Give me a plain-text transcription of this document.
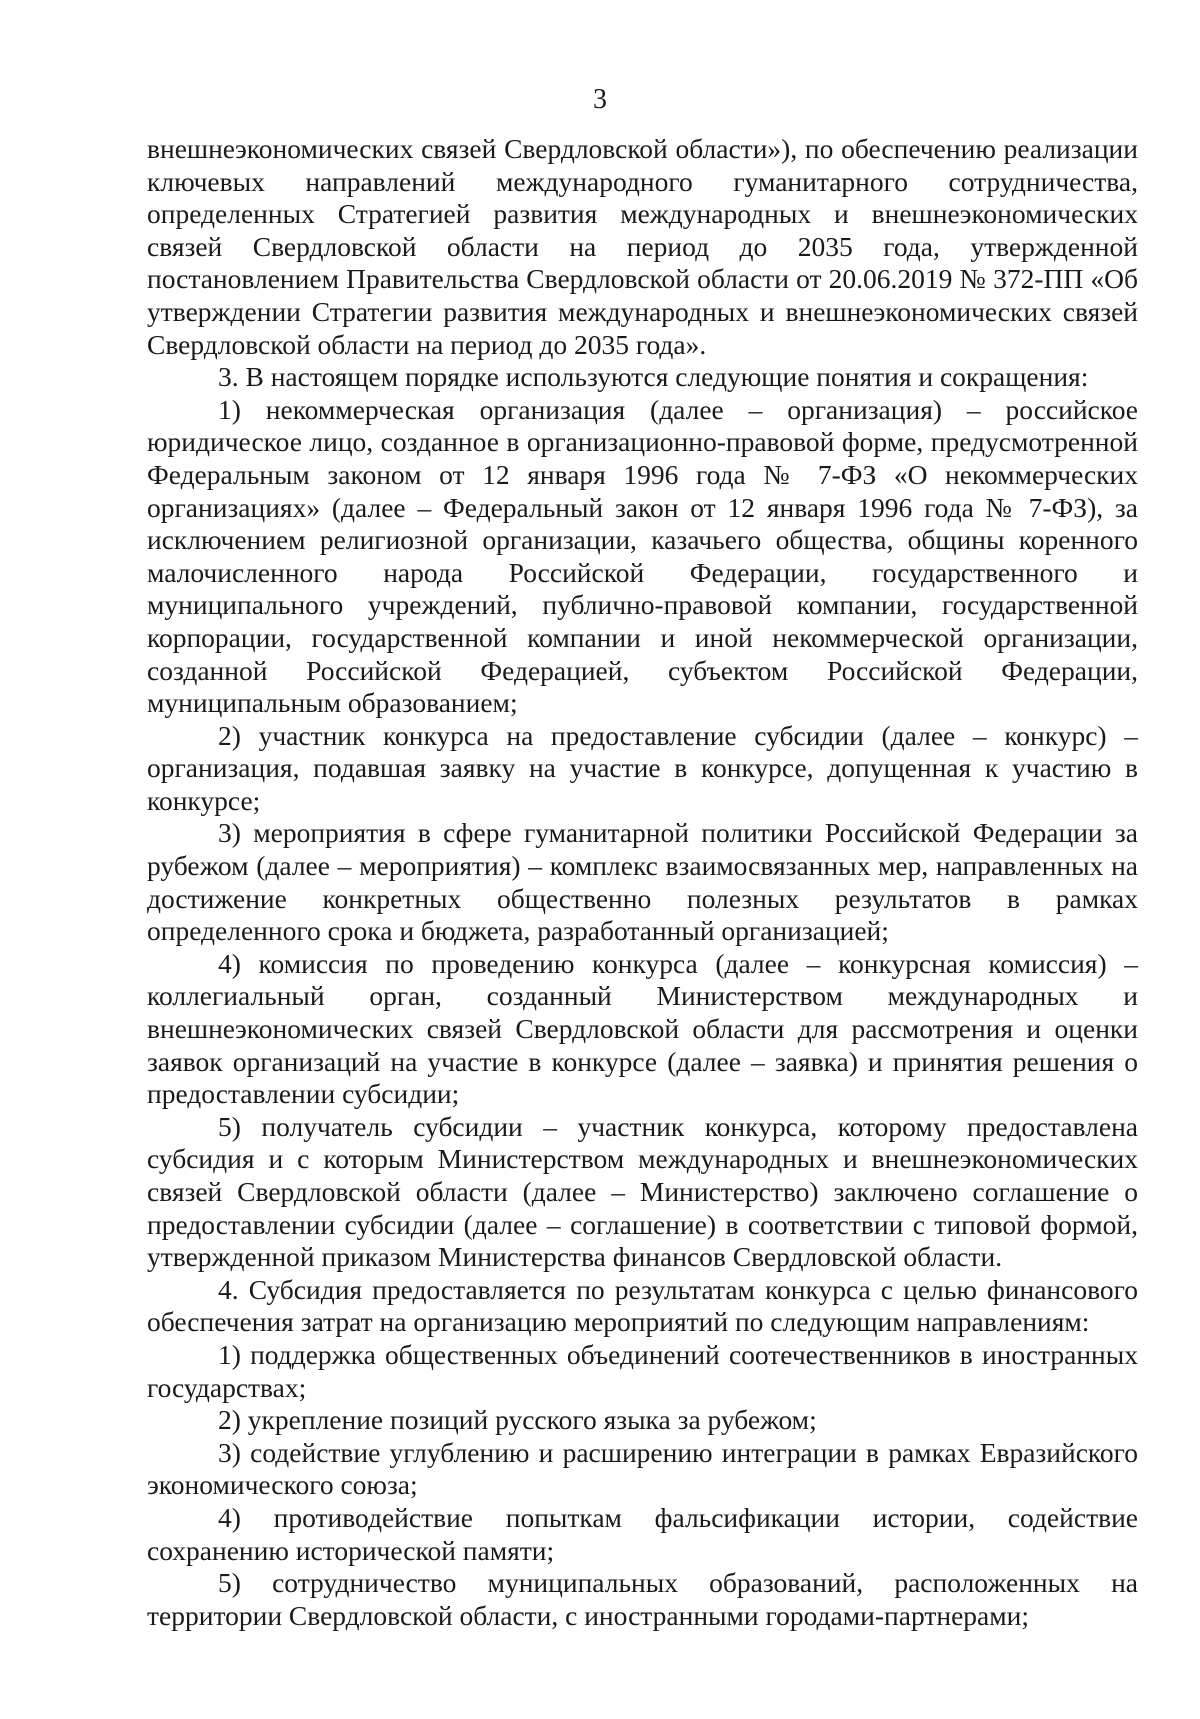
3

внешнеэкономических связей Свердловской области»), по обеспечению реализации ключевых направлений международного гуманитарного сотрудничества, определенных Стратегией развития международных и внешнеэкономических связей Свердловской области на период до 2035 года, утвержденной постановлением Правительства Свердловской области от 20.06.2019 № 372-ПП «Об утверждении Стратегии развития международных и внешнеэкономических связей Свердловской области на период до 2035 года».

3. В настоящем порядке используются следующие понятия и сокращения:

1) некоммерческая организация (далее – организация) – российское юридическое лицо, созданное в организационно-правовой форме, предусмотренной Федеральным законом от 12 января 1996 года № 7-ФЗ «О некоммерческих организациях» (далее – Федеральный закон от 12 января 1996 года № 7-ФЗ), за исключением религиозной организации, казачьего общества, общины коренного малочисленного народа Российской Федерации, государственного и муниципального учреждений, публично-правовой компании, государственной корпорации, государственной компании и иной некоммерческой организации, созданной Российской Федерацией, субъектом Российской Федерации, муниципальным образованием;

2) участник конкурса на предоставление субсидии (далее – конкурс) – организация, подавшая заявку на участие в конкурсе, допущенная к участию в конкурсе;

3) мероприятия в сфере гуманитарной политики Российской Федерации за рубежом (далее – мероприятия) – комплекс взаимосвязанных мер, направленных на достижение конкретных общественно полезных результатов в рамках определенного срока и бюджета, разработанный организацией;

4) комиссия по проведению конкурса (далее – конкурсная комиссия) – коллегиальный орган, созданный Министерством международных и внешнеэкономических связей Свердловской области для рассмотрения и оценки заявок организаций на участие в конкурсе (далее – заявка) и принятия решения о предоставлении субсидии;

5) получатель субсидии – участник конкурса, которому предоставлена субсидия и с которым Министерством международных и внешнеэкономических связей Свердловской области (далее – Министерство) заключено соглашение о предоставлении субсидии (далее – соглашение) в соответствии с типовой формой, утвержденной приказом Министерства финансов Свердловской области.

4. Субсидия предоставляется по результатам конкурса с целью финансового обеспечения затрат на организацию мероприятий по следующим направлениям:

1) поддержка общественных объединений соотечественников в иностранных государствах;

2) укрепление позиций русского языка за рубежом;

3) содействие углублению и расширению интеграции в рамках Евразийского экономического союза;

4) противодействие попыткам фальсификации истории, содействие сохранению исторической памяти;

5) сотрудничество муниципальных образований, расположенных на территории Свердловской области, с иностранными городами-партнерами;
